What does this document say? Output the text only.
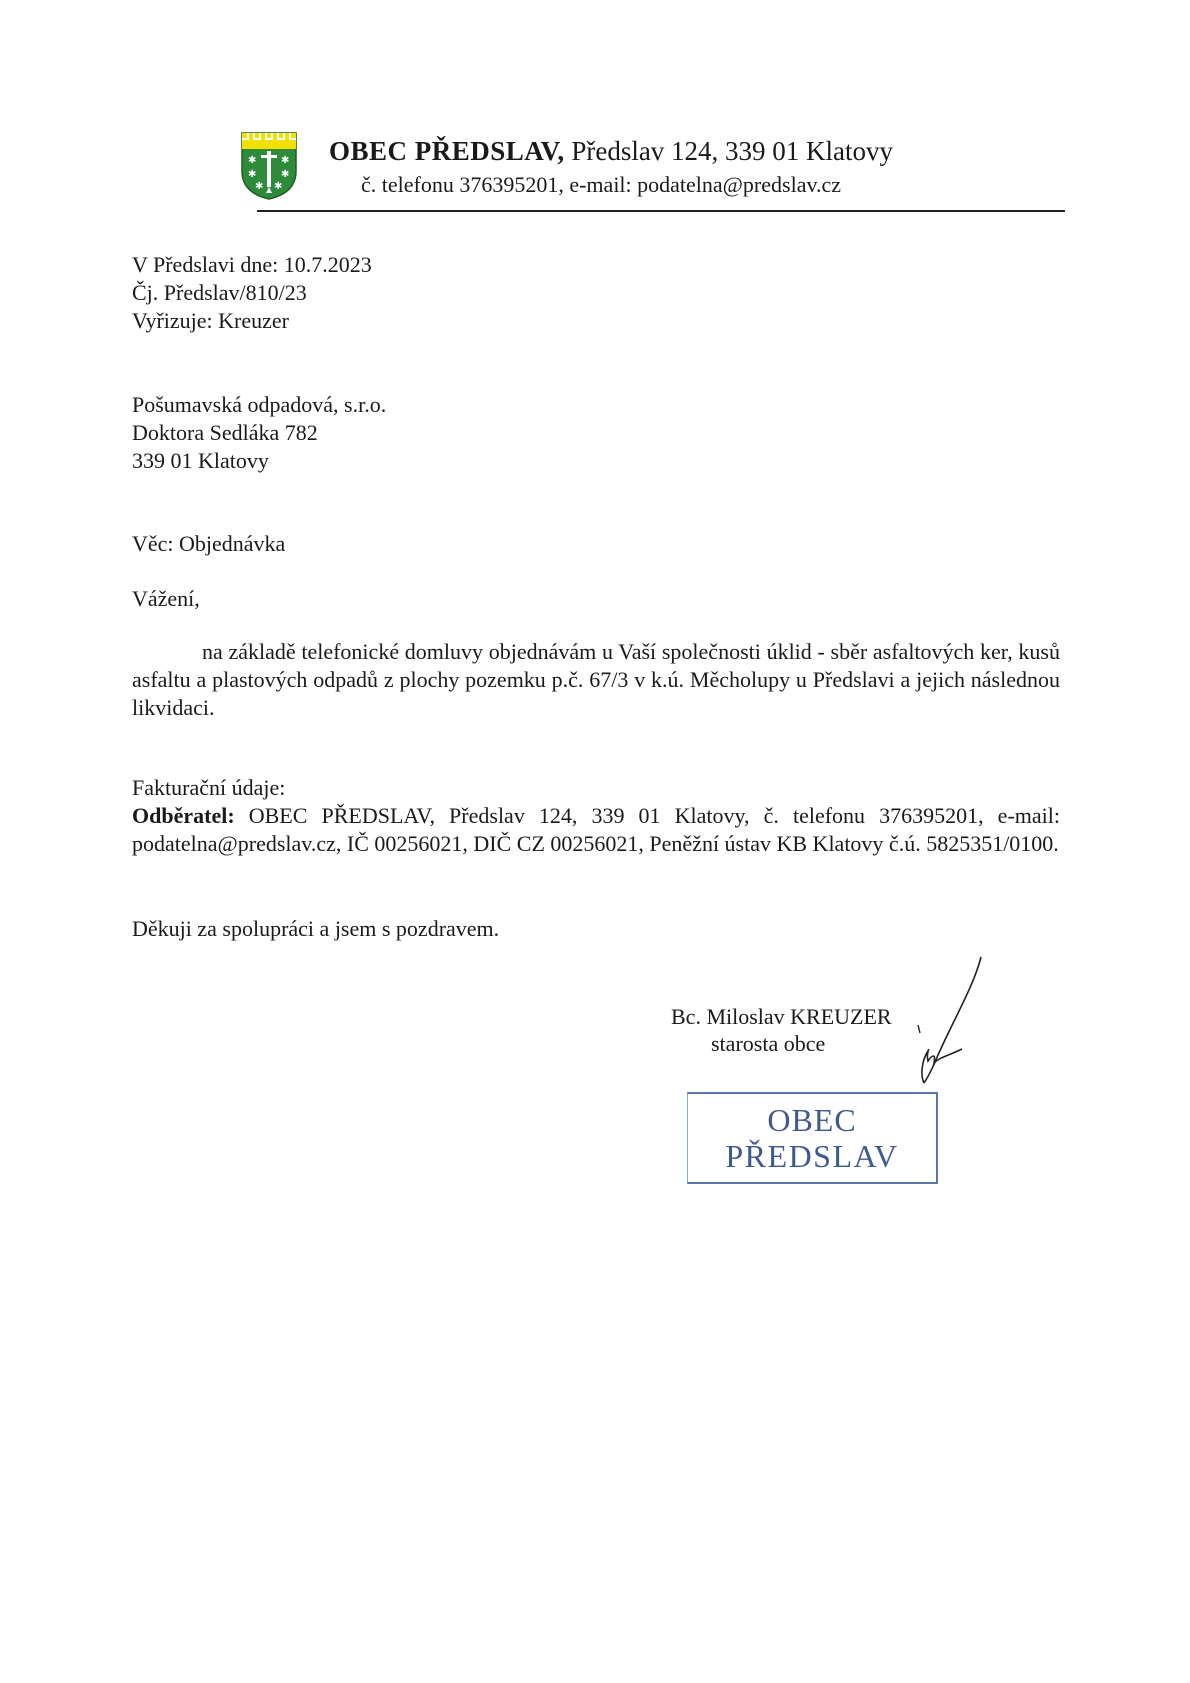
✱ ✱
✱ ✱
✱ ✱
OBEC PŘEDSLAV, Předslav 124, 339 01 Klatovy
č. telefonu 376395201, e-mail: podatelna@predslav.cz
V Předslavi dne: 10.7.2023
Čj. Předslav/810/23
Vyřizuje: Kreuzer
Pošumavská odpadová, s.r.o.
Doktora Sedláka 782
339 01 Klatovy
Věc: Objednávka
Vážení,
na základě telefonické domluvy objednávám u Vaší společnosti úklid - sběr asfaltových ker, kusů asfaltu a plastových odpadů z plochy pozemku p.č. 67/3 v k.ú. Měcholupy u Předslavi a jejich následnou likvidaci.
Fakturační údaje:
Odběratel: OBEC PŘEDSLAV, Předslav 124, 339 01 Klatovy, č. telefonu 376395201, e-mail: podatelna@predslav.cz, IČ 00256021, DIČ CZ 00256021, Peněžní ústav KB Klatovy č.ú. 5825351/0100.
Děkuji za spolupráci a jsem s pozdravem.
Bc. Miloslav KREUZER
starosta obce
OBEC
PŘEDSLAV
